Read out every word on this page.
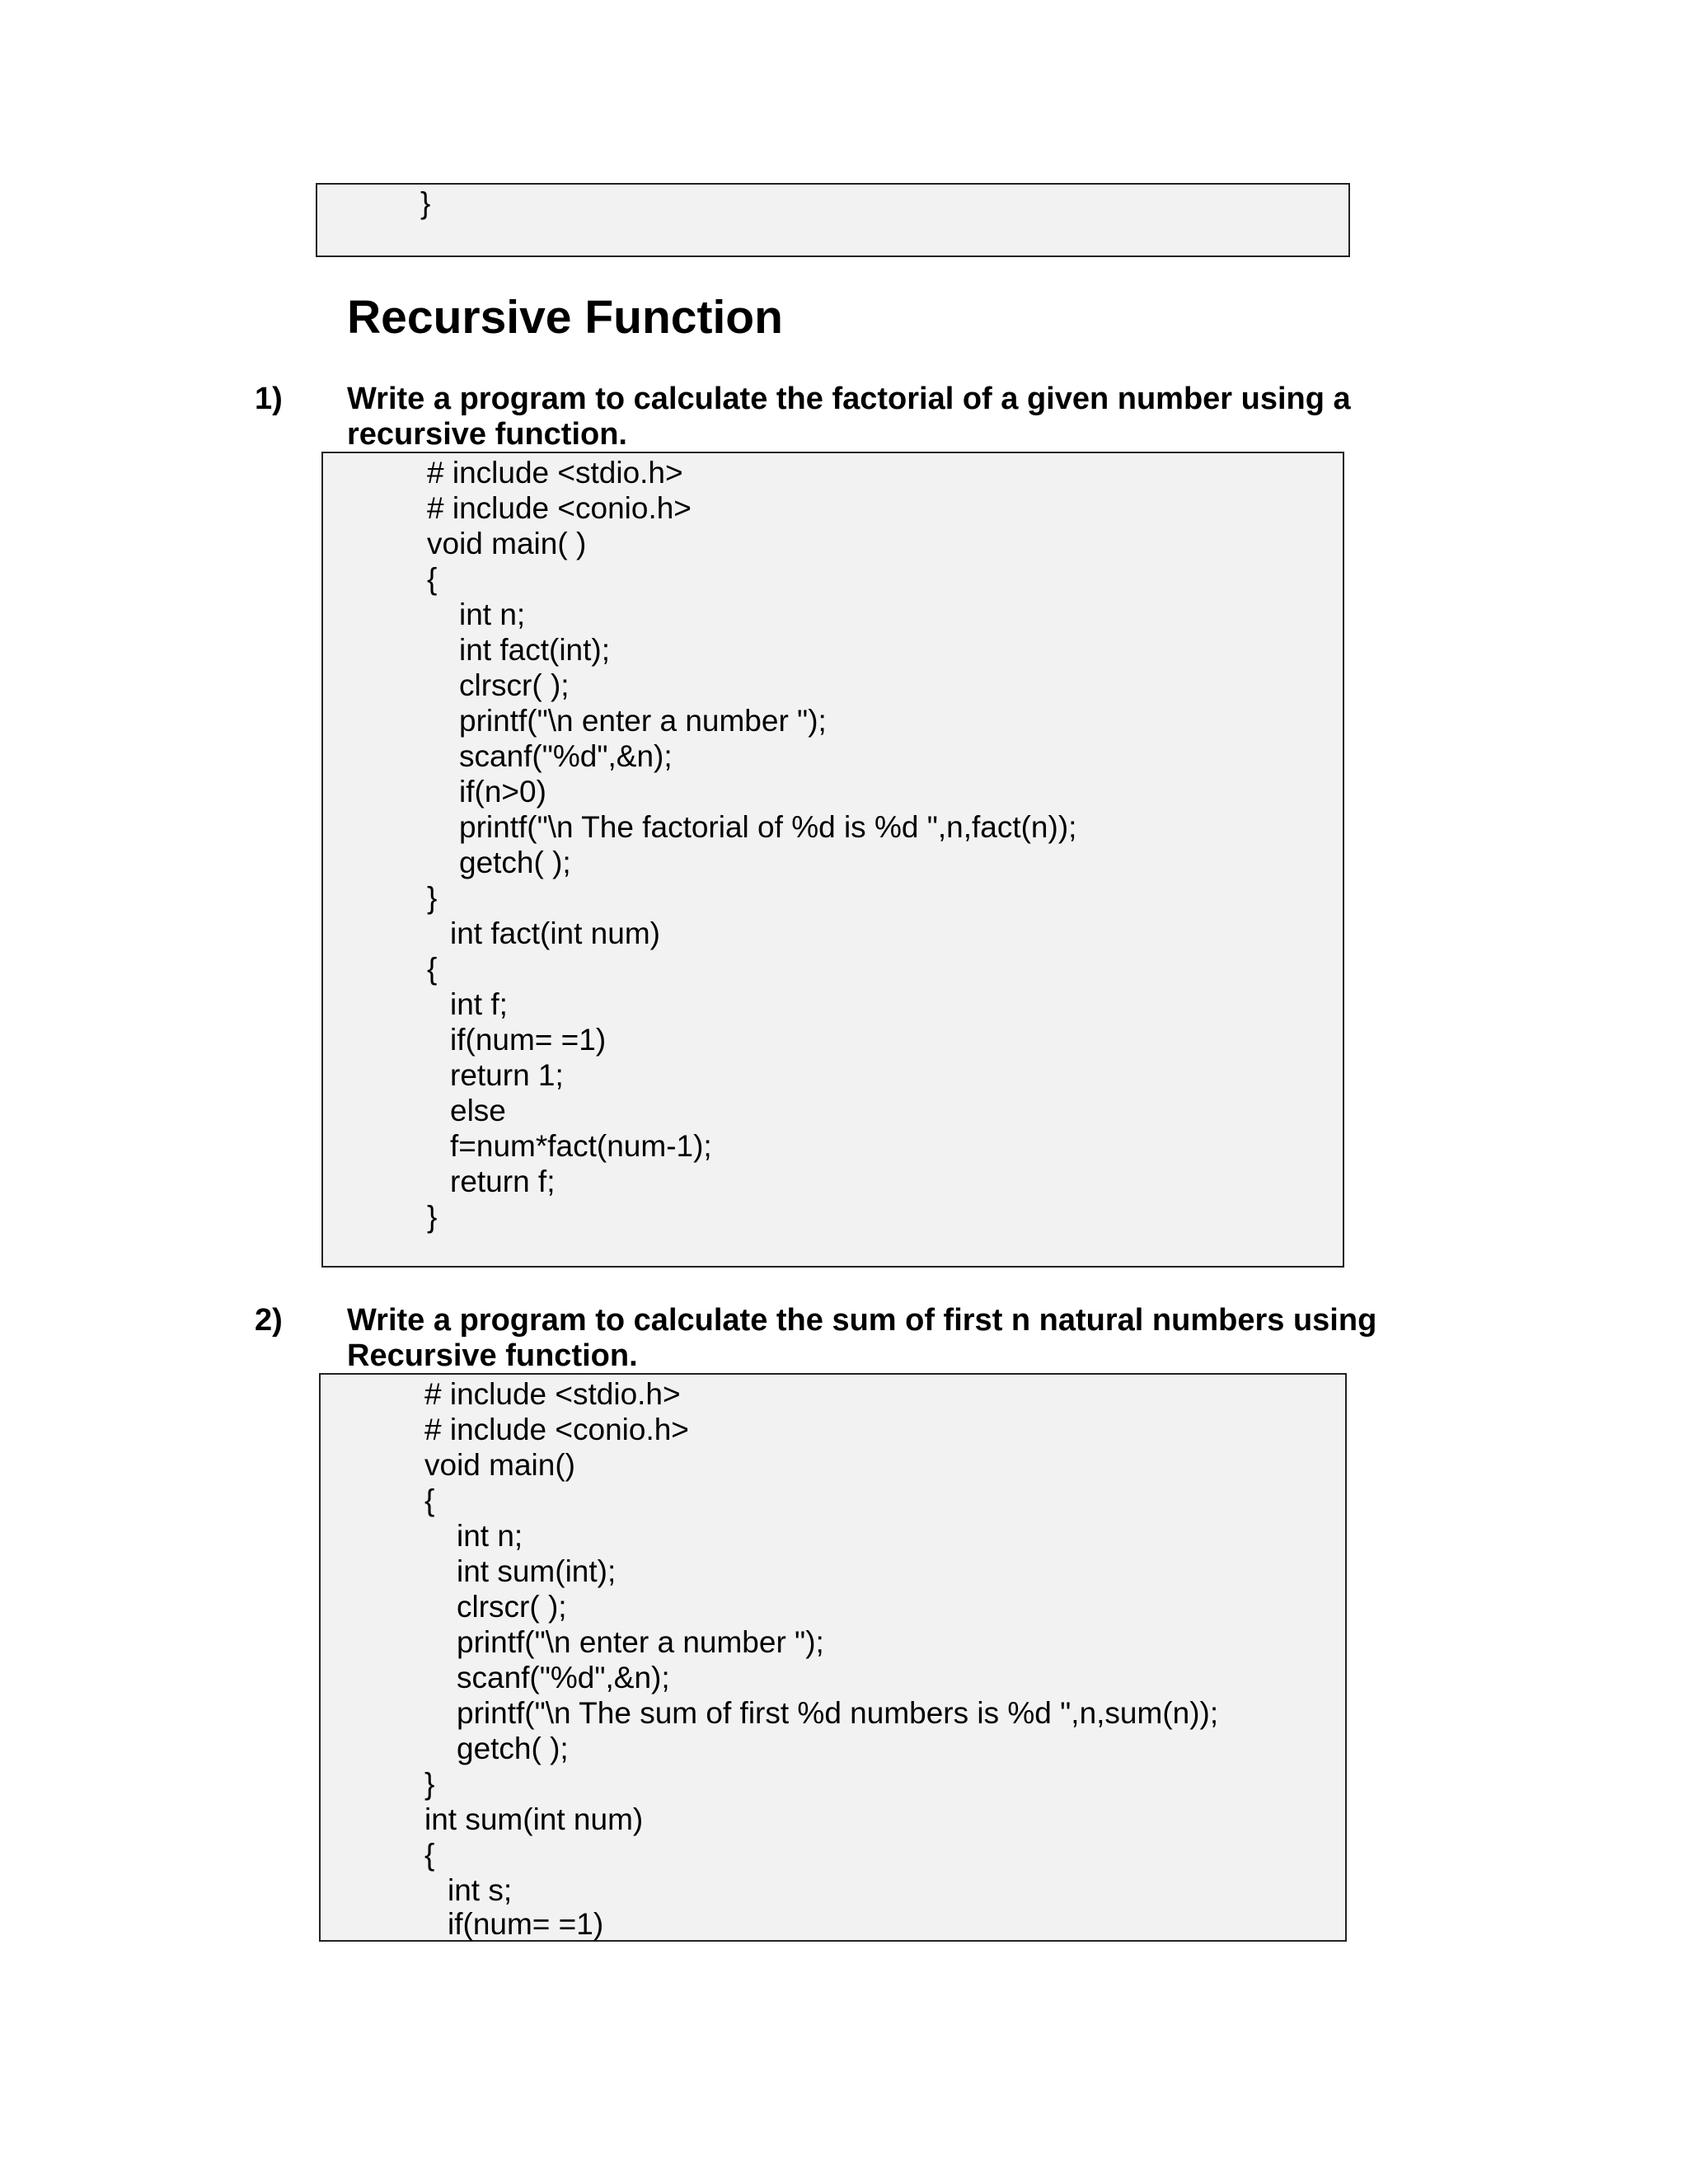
}
Recursive Function
1) Write a program to calculate the factorial of a given number using a
recursive function.
# include <stdio.h>
# include <conio.h>
void main( )
{
int n;
int fact(int);
clrscr( );
printf("\n enter a number ");
scanf("%d",&n);
if(n>0)
printf("\n The factorial of %d is %d ",n,fact(n));
getch( );
}
int fact(int num)
{
int f;
if(num= =1)
return 1;
else
f=num*fact(num-1);
return f;
}
2) Write a program to calculate the sum of first n natural numbers using
Recursive function.
# include <stdio.h>
# include <conio.h>
void main()
{
int n;
int sum(int);
clrscr( );
printf("\n enter a number ");
scanf("%d",&n);
printf("\n The sum of first %d numbers is %d ",n,sum(n));
getch( );
}
int sum(int num)
{
int s;
if(num= =1)
